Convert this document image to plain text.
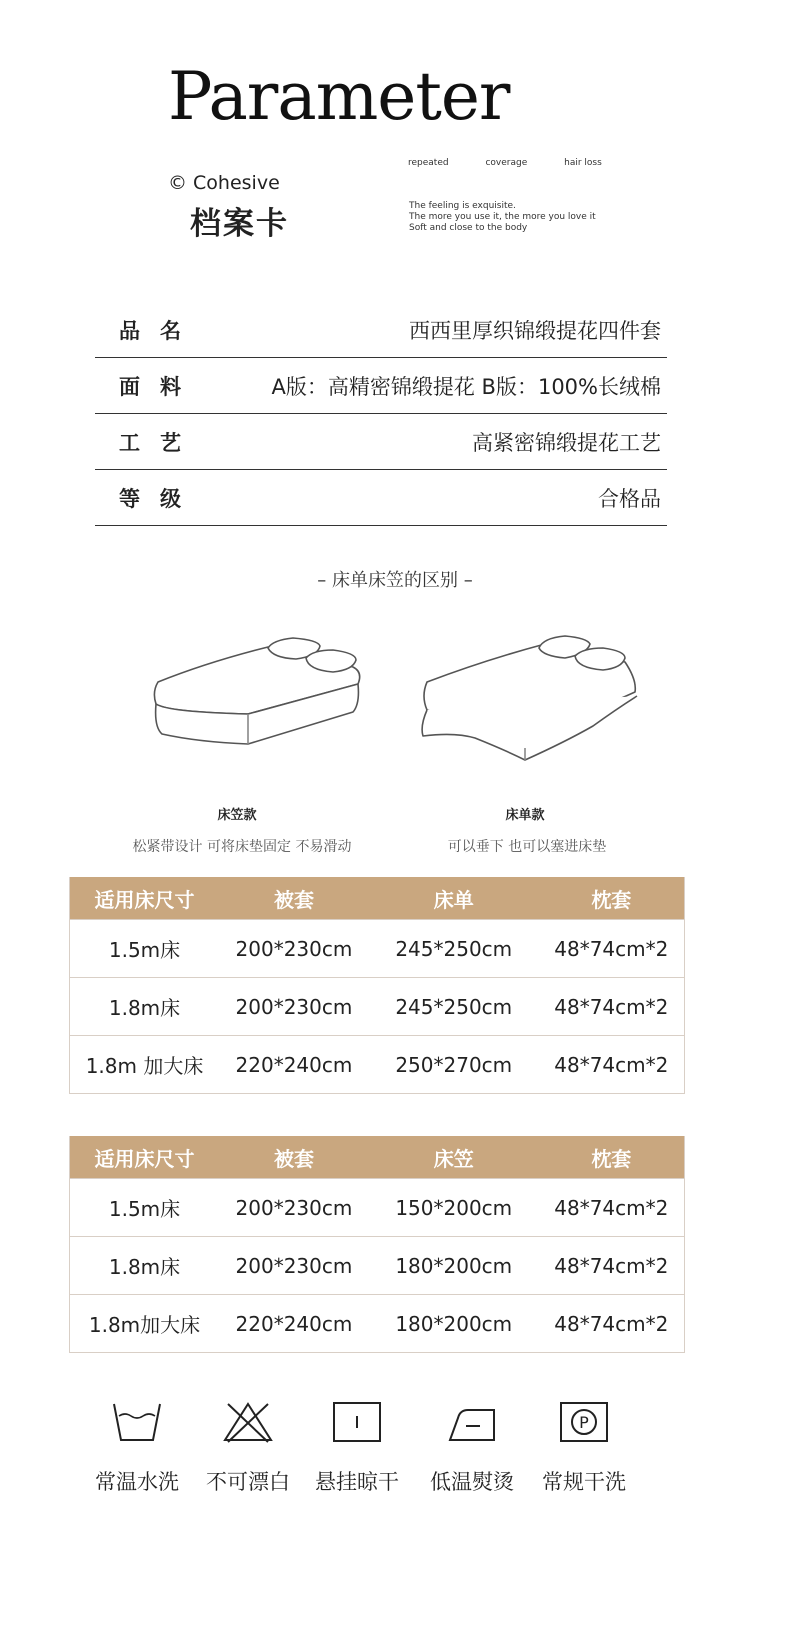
Parameter
© Cohesive
档案卡
repeated	coverage	hair loss
The feeling is exquisite.
The more you use it, the more you love it
Soft and close to the body
品名	西西里厚织锦缎提花四件套
面料	A版：高精密锦缎提花 B版：100%长绒棉
工艺	高紧密锦缎提花工艺
等级	合格品
– 床单床笠的区别 –
床笠款
松紧带设计 可将床垫固定 不易滑动
床单款
可以垂下 也可以塞进床垫
适用床尺寸	被套	床单	枕套
1.5m床	200*230cm	245*250cm	48*74cm*2
1.8m床	200*230cm	245*250cm	48*74cm*2
1.8m 加大床	220*240cm	250*270cm	48*74cm*2
适用床尺寸	被套	床笠	枕套
1.5m床	200*230cm	150*200cm	48*74cm*2
1.8m床	200*230cm	180*200cm	48*74cm*2
1.8m加大床	220*240cm	180*200cm	48*74cm*2
常温水洗	不可漂白	悬挂晾干	低温熨烫
P
常规干洗
